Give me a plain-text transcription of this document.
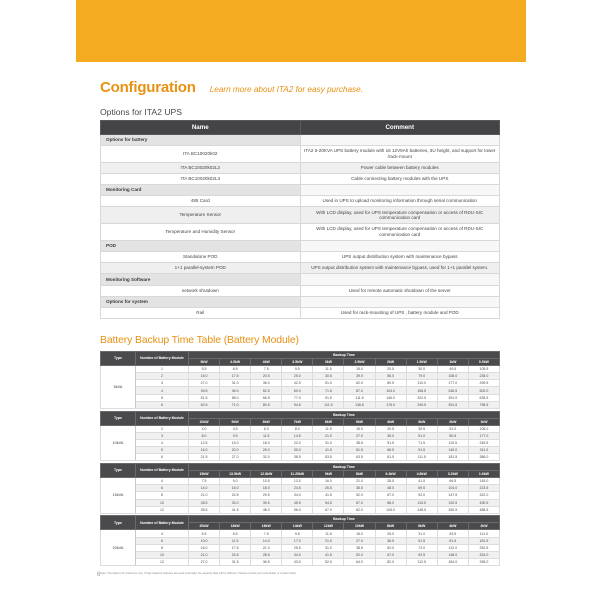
Configuration Learn more about ITA2 for easy purchase.
Options for ITA2 UPS
Name	Comment
Options for battery	
ITA BC10020k02	ITA2 5-20KVA UPS battery module with 16 12V9Ah batteries, 3U height, and support for tower /rack-mount
ITA BC10020k02L2	Power cable between battery modules
ITA BC10020k02L3	Cable connecting battery modules with the UPS
Monitoring Card	
485 Card	Used in UPS to upload monitoring information through serial communication
Temperature Sensor	With LCD display, used for UPS temperature compensation or access of RDU-SIC communication card
Temperature and Humidity Sensor	With LCD display, used for UPS temperature compensation or access of RDU-SIC communication card
POD	
Standalone POD	UPS output distribution system with maintenance bypass
1+1 parallel-system POD	UPS output distribution system with maintenance bypass, used for 1+1 parallel system.
Monitoring Software	
network shutdown	Used for remote automatic shutdown of the server
Options for system	
Rail	Used for rack-mounting of UPS , battery module and POD
Battery Backup Time Table (Battery Module)
Type	Number of Battery Module	Backup Time									
		5kW	4.5kW	4kW	3.5kW	3kW	2.5kW	2kW	1.5kW	1kW	0.5kW
5kVA	1	5.5	6.5	7.5	9.5	11.5	15.0	20.5	30.0	49.5	105.5
	2	15.0	17.5	20.5	25.0	30.5	39.0	56.0	79.0	108.0	235.0
	3	27.0	31.0	36.0	42.5	51.0	62.0	80.5	110.0	177.0	299.5
	4	39.5	45.0	52.5	60.0	71.5	87.0	104.0	156.5	246.5	502.0
	5	51.5	58.0	66.5	77.0	91.5	111.5	146.0	202.5	391.0	635.5
	6	62.5	71.0	80.5	94.5	111.5	136.5	176.0	249.5	391.5	798.5
Type	Number of Battery Module	Backup Time									
		10kW	9kW	8kW	7kW	6kW	5kW	4kW	3kW	2kW	1kW
10kVA	2	4.0	4.5	6.0	8.0	11.5	15.0	20.5	30.5	51.0	106.0
	3	8.0	9.5	11.5	14.5	21.0	27.0	36.0	51.0	80.5	177.0
	4	12.5	15.0	18.0	22.0	31.0	38.5	51.5	71.5	110.5	249.5
	5	16.0	20.0	25.0	30.0	41.5	51.5	66.5	91.5	140.0	311.0
	6	21.5	27.0	32.0	38.5	53.5	63.5	81.5	111.5	181.5	386.0
Type	Number of Battery Module	Backup Time									
		15kW	13.5kW	12.8kW	11.25kW	9kW	8kW	6.4kW	4.8kW	3.2kW	1.6kW
15kVA	4	7.5	9.0	10.5	13.0	16.0	21.0	28.5	41.5	66.5	145.0
	6	14.0	16.0	18.0	24.5	26.5	36.5	48.0	69.5	104.0	223.5
	8	21.0	24.5	29.5	34.0	41.5	52.0	67.0	92.0	147.5	322.0
	10	28.5	33.0	39.5	45.5	54.5	67.0	86.0	119.5	192.5	430.5
	12	35.5	41.5	48.0	56.0	67.0	82.0	105.0	148.5	260.5	488.5
Type	Number of Battery Module	Backup Time									
		20kW	18kW	16kW	14kW	12kW	10kW	8kW	6kW	4kW	2kW
20kVA	4	5.5	6.5	7.5	9.5	11.5	15.0	25.0	31.0	53.5	111.0
	6	10.0	11.5	14.0	17.0	21.0	27.0	36.5	51.5	81.5	181.5
	8	16.0	17.5	21.0	25.5	31.0	38.5	52.0	72.0	112.0	252.5
	10	21.0	24.5	28.5	34.0	41.5	52.0	67.0	92.5	148.0	324.0
	12	27.0	31.5	36.5	43.0	52.0	64.0	82.0	112.5	184.0	395.0
Note: The table is for reference only. If high-capacity batteries are used externally, the capacity data will be different. Please consult your local dealer or contact Vertiv.
6
